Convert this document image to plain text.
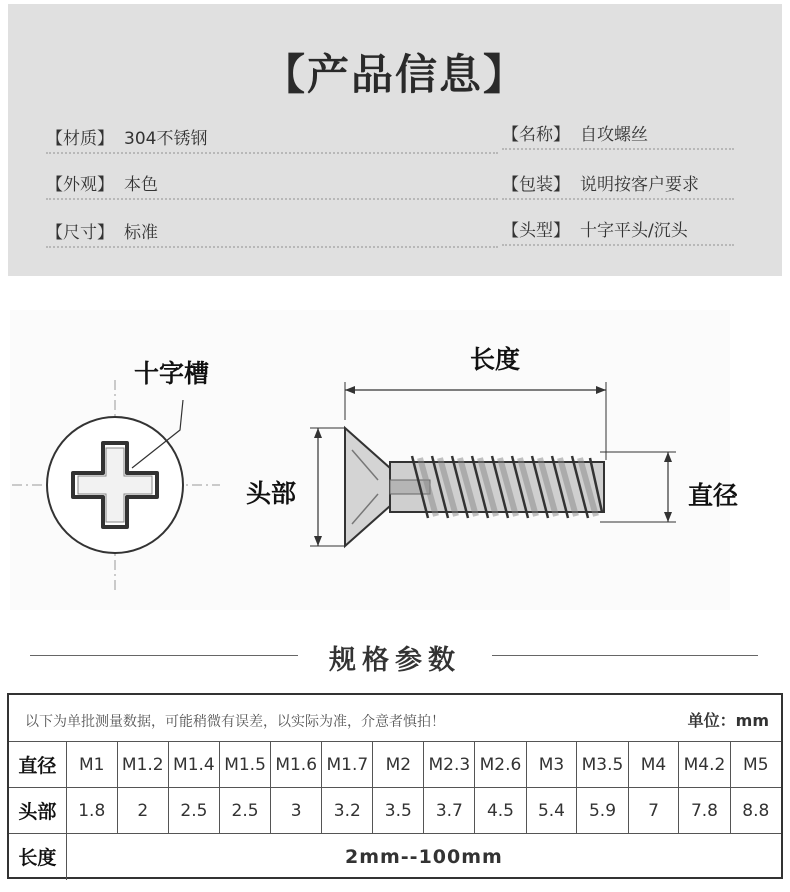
【产品信息】
【材质】 304不锈钢	【名称】 自攻螺丝
【外观】 本色	【包装】 说明按客户要求
【尺寸】 标准	【头型】 十字平头/沉头
十字槽	长度
头部	直径
规格参数
以下为单批测量数据，可能稍微有误差，以实际为准，介意者慎拍！	单位：mm
直径	M1	M1.2	M1.4	M1.5	M1.6	M1.7	M2	M2.3	M2.6	M3	M3.5	M4	M4.2	M5
头部	1.8	2	2.5	2.5	3	3.2	3.5	3.7	4.5	5.4	5.9	7	7.8	8.8
长度	2mm--100mm													
